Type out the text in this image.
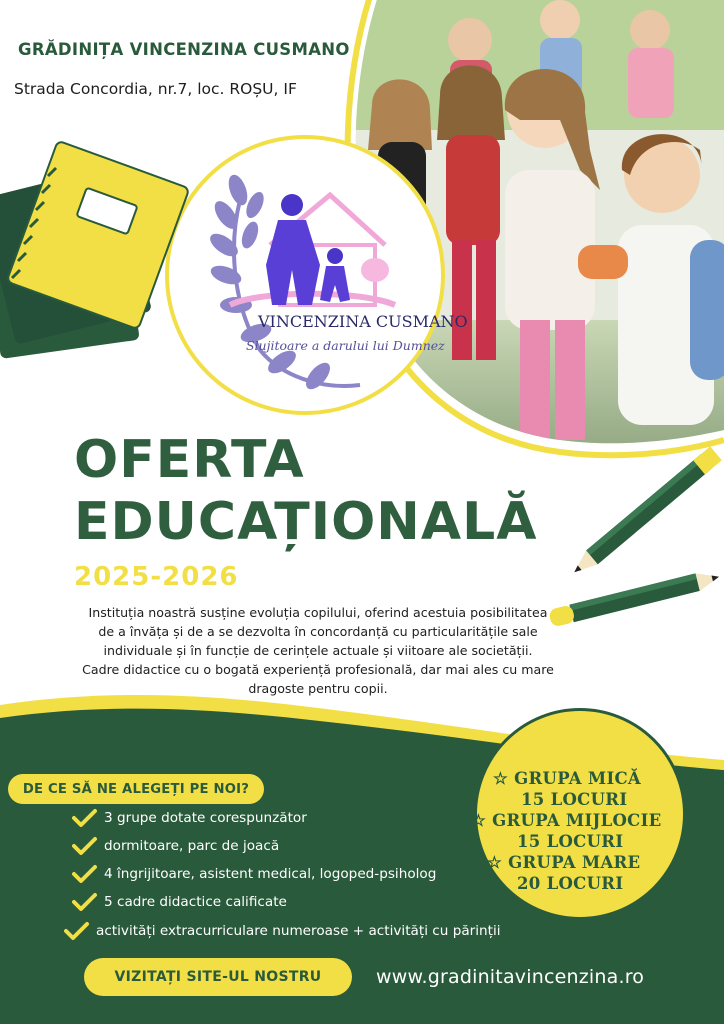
GRĂDINIȚA VINCENZINA CUSMANO
Strada Concordia, nr.7, loc. ROȘU, IF
VINCENZINA CUSMANO
Slujitoare a darului lui Dumnez
OFERTA
EDUCAȚIONALĂ
2025-2026

Instituția noastră susține evoluția copilului, oferind acestuia posibilitatea de a învăța și de a se dezvolta în concordanță cu particularitățile sale individuale și în funcție de cerințele actuale și viitoare ale societății.

Cadre didactice cu o bogată experiență profesională, dar mai ales cu mare dragoste pentru copii.

DE CE SĂ NE ALEGEȚI PE NOI?
3 grupe dotate corespunzător
dormitoare, parc de joacă
4 îngrijitoare, asistent medical, logoped-psiholog
5 cadre didactice calificate
activități extracurriculare numeroase + activități cu părinții
☆ GRUPA MICĂ
15 LOCURI
☆ GRUPA MIJLOCIE
15 LOCURI
☆ GRUPA MARE
20 LOCURI
VIZITAȚI SITE-UL NOSTRU	www.gradinitavincenzina.ro
